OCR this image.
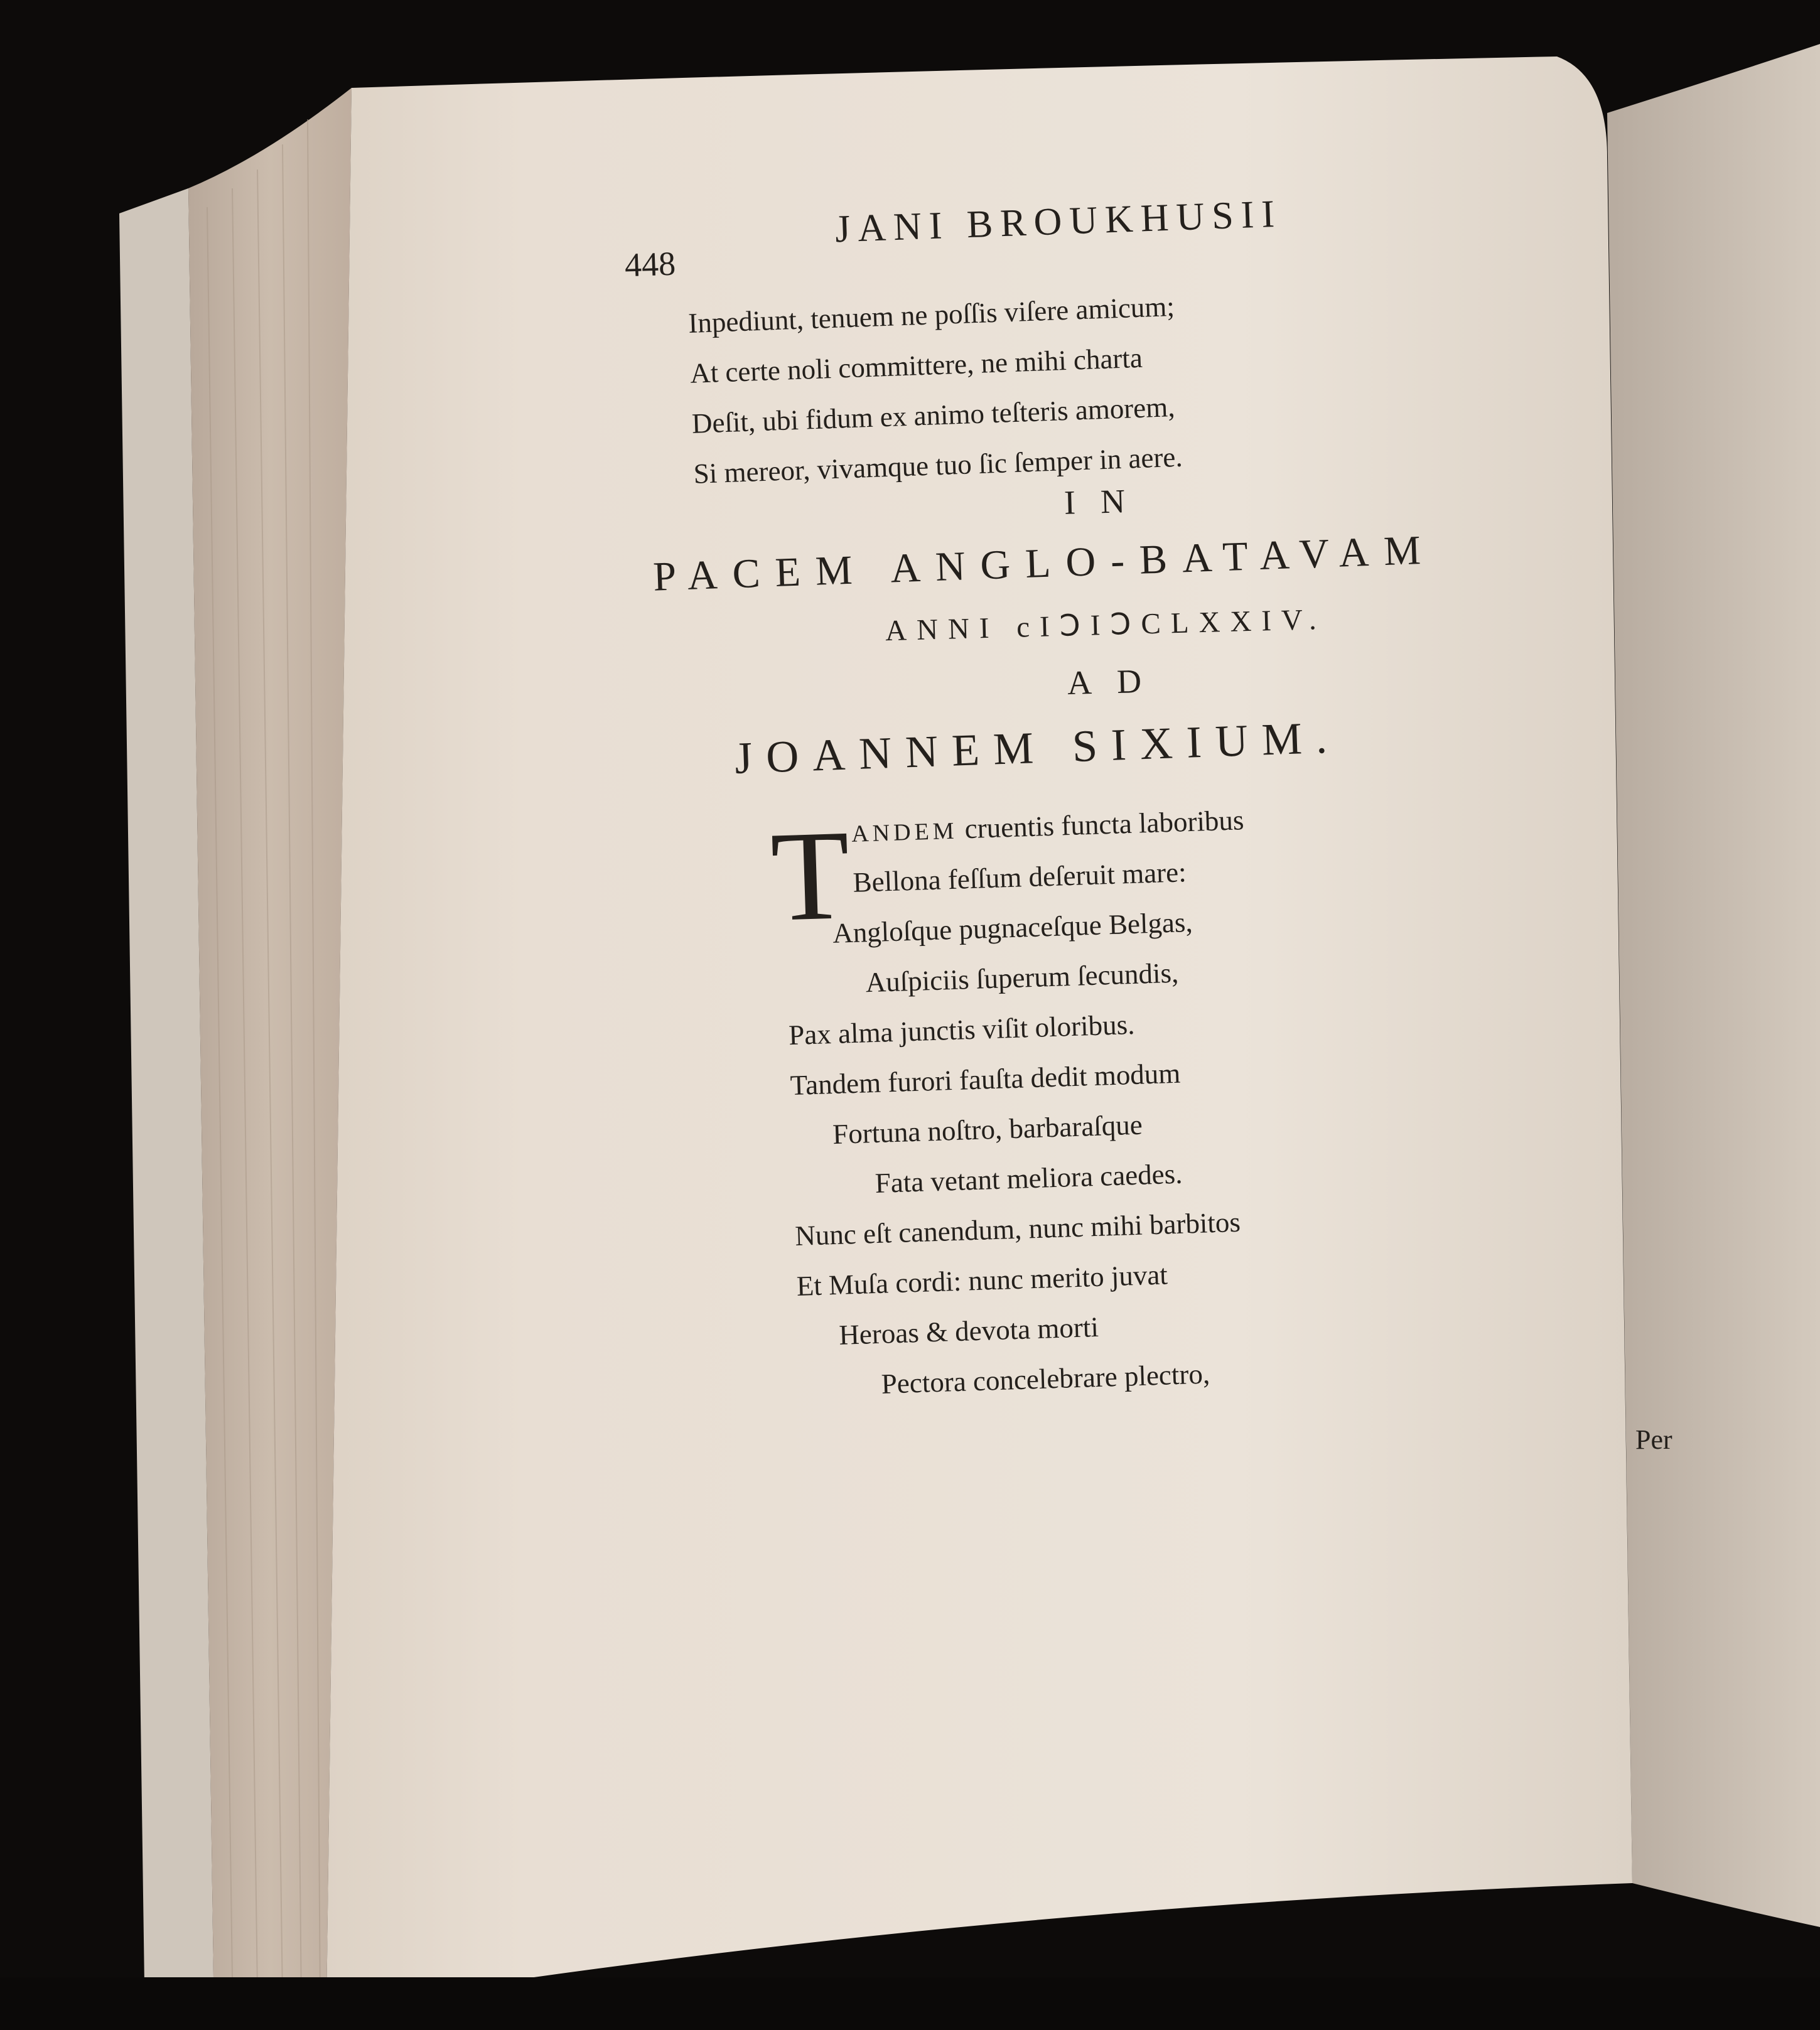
448
JANI BROUKHUSII
Inpediunt, tenuem ne poſſis viſere amicum;
At certe noli committere, ne mihi charta
Deſit, ubi fidum ex animo teſteris amorem,
Si mereor, vivamque tuo ſic ſemper in aere.
IN
PACEM ANGLO-BATAVAM
ANNI cIↃIↃCLXXIV.
AD
JOANNEM SIXIUM.
T
ANDEM cruentis functa laboribus
Bellona feſſum deſeruit mare:
Angloſque pugnaceſque Belgas,
Auſpiciis ſuperum ſecundis,
Pax alma junctis viſit oloribus.
Tandem furori fauſta dedit modum
Fortuna noſtro, barbaraſque
Fata vetant meliora caedes.
Nunc eſt canendum, nunc mihi barbitos
Et Muſa cordi: nunc merito juvat
Heroas & devota morti
Pectora concelebrare plectro,
Per
